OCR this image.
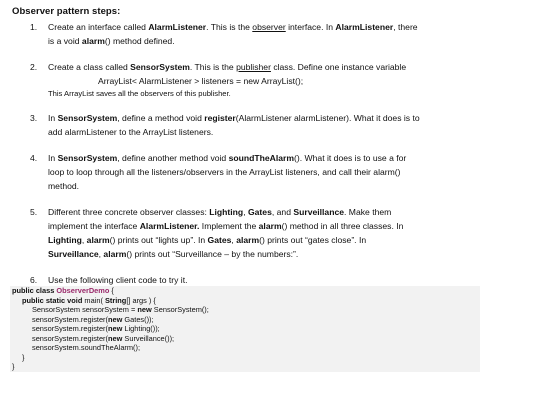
Observer pattern steps:
1.	Create an interface called AlarmListener. This is the observer interface. In AlarmListener, there
is a void alarm() method defined.
2.	Create a class called SensorSystem. This is the publisher class. Define one instance variable
ArrayList< AlarmListener > listeners = new ArrayList();
This ArrayList saves all the observers of this publisher.
3.	In SensorSystem, define a method void register(AlarmListener alarmListener). What it does is to
add alarmListener to the ArrayList listeners.
4.	In SensorSystem, define another method void soundTheAlarm(). What it does is to use a for
loop to loop through all the listeners/observers in the ArrayList listeners, and call their alarm()
method.
5.	Different three concrete observer classes: Lighting, Gates, and Surveillance. Make them
implement the interface AlarmListener. Implement the alarm() method in all three classes. In
Lighting, alarm() prints out “lights up”. In Gates, alarm() prints out “gates close”. In
Surveillance, alarm() prints out “Surveillance – by the numbers:”.
6.	Use the following client code to try it.
public class ObserverDemo {
public static void main( String[] args ) {
SensorSystem sensorSystem = new SensorSystem();
sensorSystem.register(new Gates());
sensorSystem.register(new Lighting());
sensorSystem.register(new Surveillance());
sensorSystem.soundTheAlarm();
}
}
